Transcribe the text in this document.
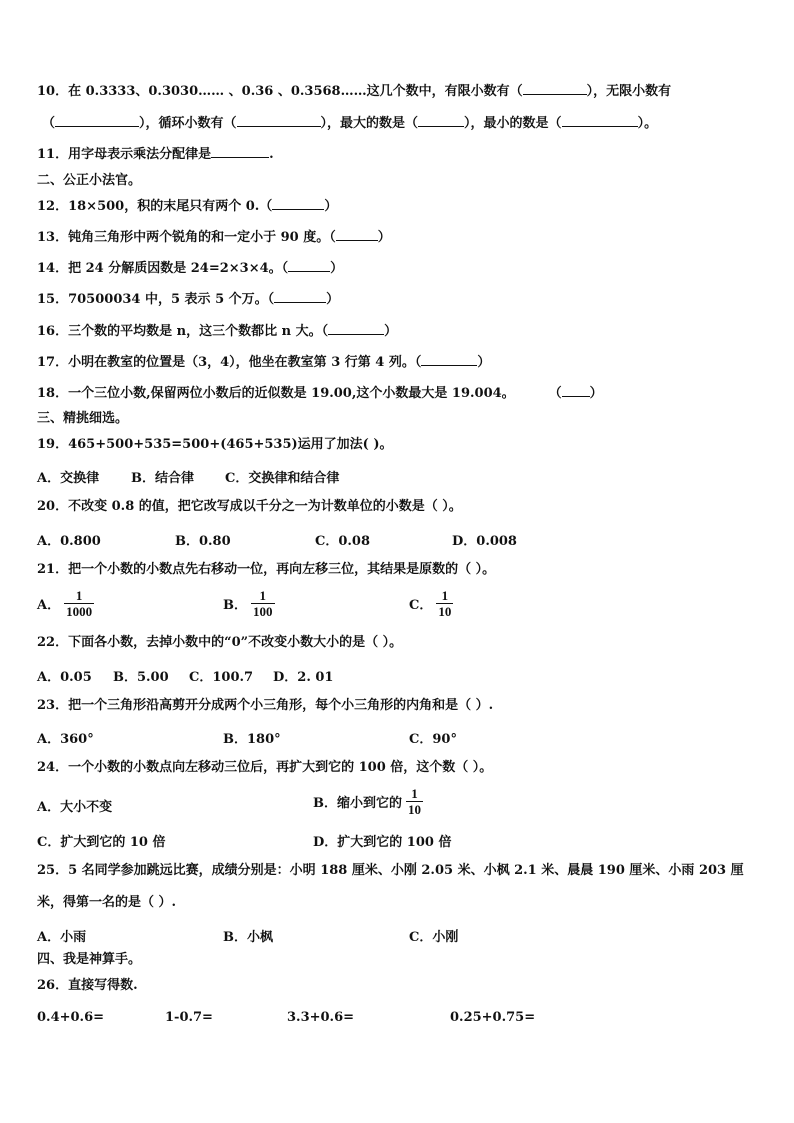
10．在 0.3333、0.3030…… 、0.36 、0.3568……这几个数中，有限小数有（	），无限小数有
（	），循环小数有（	），最大的数是（	），最小的数是（	）。
11．用字母表示乘法分配律是	.
二、公正小法官。
12．18×500，积的末尾只有两个 0.（	）
13．钝角三角形中两个锐角的和一定小于 90 度。（	）
14．把 24 分解质因数是 24=2×3×4。（	）
15．70500034 中，5 表示 5 个万。（	）
16．三个数的平均数是 n，这三个数都比 n 大。（	）
17．小明在教室的位置是（3，4），他坐在教室第 3 行第 4 列。（	）
18．一个三位小数,保留两位小数后的近似数是 19.00,这个小数最大是 19.004。	（ ）
三、精挑细选。
19．465+500+535=500+(465+535)运用了加法( )。
A．交换律 B．结合律 C．交换律和结合律
20．不改变 0.8 的值，把它改写成以千分之一为计数单位的小数是（ ）。
A．0.800	B．0.80	C．0.08	D．0.008
21．把一个小数的小数点先右移动一位，再向左移三位，其结果是原数的（ ）。
A． $\frac{1}{1000}$	B． $\frac{1}{100}$	C． $\frac{1}{10}$
22．下面各小数，去掉小数中的“0”不改变小数大小的是（ ）。
A．0.05 B．5.00 C．100.7 D．2. 01
23．把一个三角形沿高剪开分成两个小三角形，每个小三角形的内角和是（ ）.
A．360°	B．180°	C．90°
24．一个小数的小数点向左移动三位后，再扩大到它的 100 倍，这个数（ ）。
A．大小不变	B．缩小到它的 $\frac{1}{10}$
C．扩大到它的 10 倍	D．扩大到它的 100 倍
25．5 名同学参加跳远比赛，成绩分别是：小明 188 厘米、小刚 2.05 米、小枫 2.1 米、晨晨 190 厘米、小雨 203 厘
米，得第一名的是（ ）.
A．小雨	B．小枫	C．小刚
四、我是神算手。
26．直接写得数.
0.4+0.6=	1-0.7=	3.3+0.6=	0.25+0.75=
